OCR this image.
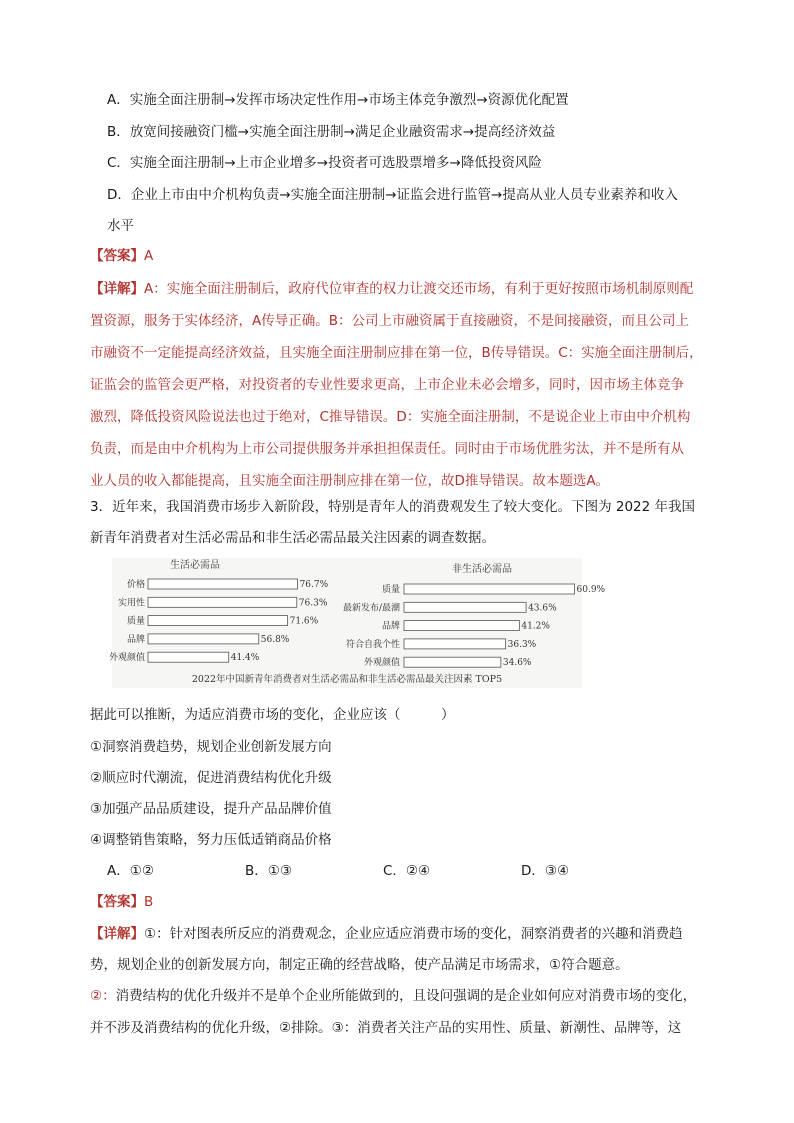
A．实施全面注册制→发挥市场决定性作用→市场主体竞争激烈→资源优化配置
B．放宽间接融资门槛→实施全面注册制→满足企业融资需求→提高经济效益
C．实施全面注册制→上市企业增多→投资者可选股票增多→降低投资风险
D．企业上市由中介机构负责→实施全面注册制→证监会进行监管→提高从业人员专业素养和收入
水平
【答案】A
【详解】A：实施全面注册制后，政府代位审查的权力让渡交还市场，有利于更好按照市场机制原则配
置资源，服务于实体经济，A传导正确。B：公司上市融资属于直接融资，不是间接融资，而且公司上
市融资不一定能提高经济效益，且实施全面注册制应排在第一位，B传导错误。C：实施全面注册制后，
证监会的监管会更严格，对投资者的专业性要求更高，上市企业未必会增多，同时，因市场主体竞争
激烈，降低投资风险说法也过于绝对，C推导错误。D：实施全面注册制，不是说企业上市由中介机构
负责，而是由中介机构为上市公司提供服务并承担担保责任。同时由于市场优胜劣汰，并不是所有从
业人员的收入都能提高，且实施全面注册制应排在第一位，故D推导错误。故本题选A。
3．近年来，我国消费市场步入新阶段，特别是青年人的消费观发生了较大变化。下图为 2022 年我国
新青年消费者对生活必需品和非生活必需品最关注因素的调查数据。
生活必需品
价格	76.7%
实用性	76.3%
质量	71.6%
品牌	56.8%
外观颜值	41.4%
非生活必需品
质量	60.9%
最新发布/最潮	43.6%
品牌	41.2%
符合自我个性	36.3%
外观颜值	34.6%
2022年中国新青年消费者对生活必需品和非生活必需品最关注因素 TOP5
据此可以推断，为适应消费市场的变化，企业应该（　　　）
①洞察消费趋势，规划企业创新发展方向
②顺应时代潮流，促进消费结构优化升级
③加强产品品质建设，提升产品品牌价值
④调整销售策略，努力压低适销商品价格
A．①②	B．①③	C．②④	D．③④
【答案】B
【详解】①：针对图表所反应的消费观念，企业应适应消费市场的变化，洞察消费者的兴趣和消费趋
势，规划企业的创新发展方向，制定正确的经营战略，使产品满足市场需求，①符合题意。
②：消费结构的优化升级并不是单个企业所能做到的，且设问强调的是企业如何应对消费市场的变化，
并不涉及消费结构的优化升级，②排除。③：消费者关注产品的实用性、质量、新潮性、品牌等，这
